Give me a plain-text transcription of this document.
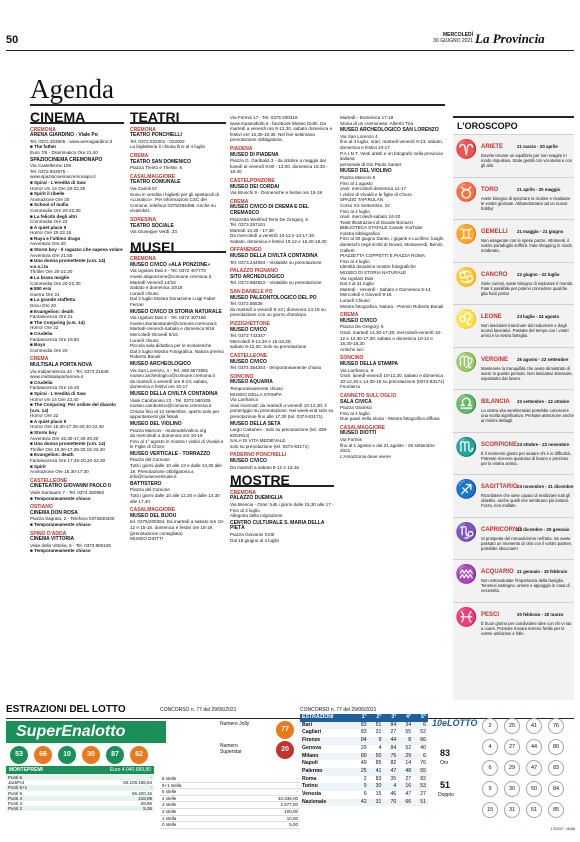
50	MERCOLEDÌ
30 GIUGNO 2021 La Provincia
Agenda
CINEMA
CREMONA
ARENA GIARDINO - Viale Po
Tel. 0372.453505 - www.arenagiardino.it
■ The father
Euro 7/6 - Drammatico Ore 21,40
SPAZIOCINEMA CREMONAPO
Via Castelleone 108
Tel. 0372.803675 - www.spaziocinemacremonapo.it
■ Spiral - L'eredità di Saw
Horror vm 14 Ore 20-22,35
■ Spirit il ribelle
Animazione Ore 20
■ School of mafia
Commedia Ore 20-22,30
■ La felicità degli altri
Commedia Ore 22
■ A quiet place II
Horror Ore 20-22,15
■ Raya e l'ultimo drago
Avventura Ore 20
■ Storm boy - Il ragazzo che sapeva volare
Avventura Ore 21,50
■ Una donna promettente (v.m. 14) v.o.s.i.ta
Thriller Ore 20-22,30
■ La brava moglie
Commedia Ore 20-22,30
■ 800 eroi
Guerra Ore 21
■ La grande staffetta
Docu Ore 20
■ Evangelion: death
Fantascienza Ore 21
■ The Conjuring (v.m. 14)
Horror Ore 22
■ Crudelia
Fantascienza Ore 19,50
■ Boys
Commedia Ore 20
CREMA
MULTISALA PORTA NOVA
Via Indipendenza 44 - Tel. 0373.21849
www.multisalaportanova.it
■ Crudelia
Fantascienza Ore 15-20
■ Spiral - L'eredità di Saw
Horror vm 14 Ore 22,40
■ The Conjuring: Per ordine del diavolo (v.m. 14)
Horror Ore 22
■ A quiet place II
Horror Ore 15,30-17,35-20,40-22,40
■ Storm boy
Avventura Ore 15,30-17,40-20,20
■ Una donna promettente (v.m. 14)
Thriller Ore 15,30-17,35-20,15-22,40
■ Evangelion: death
Fantascienza Ore 17,45-20,20-22,30
■ Spirit
Animazione Ore 15,30-17,30
CASTELLEONE
CINETEATRO GIOVANNI PAOLO II
Viale Santuario 7 - Tel. 0374.350882
■ Temporaneamente chiuso
OSTIANO
CINEMA DON ROSA
Piazza Sagrato, 2 - Telefono 0372840405
■ Temporaneamente chiuso
SPINO D'ADDA
CINEMA VITTORIA
Viale della Vittoria, 6 - Tel. 0373.980106
■ Temporaneamente chiuso
TEATRI
CREMONA
TEATRO PONCHIELLI
Tel. 0372.022001 - 022002
La biglietteria è chiusa fino al 4 luglio
CREMA
TEATRO SAN DOMENICO
Piazza Trento e Trieste, 6
CASALMAGGIORE
TEATRO COMUNALE
Via Cairoli 57
Sono in vendita i biglietti per gli spettacoli di «Lunatico». Per informazioni CSC del Comune, telefono 0375/284496. Anche su vivaticket.
SORESINA
TEATRO SOCIALE
Via Giuseppe Verdi, 23
MUSEI
CREMONA
MUSEO CIVICO «ALA PONZONE»
Via Ugolani Dati 4 - Tel. 0372 407770
musei.alaponzone@comune.cremona.it
Martedì-Venerdì 14/18
Sabato e domenica 10/18
Lunedì chiuso
Dal 3 luglio Mostra Donazione Luigi Faber Ferrari
MUSEO CIVICO DI STORIA NATURALE
Via Ugolani Dati 4 - Tel. 0372 407168
museo.storianaturale@comune.cremona.it
Martedì-Venerdì-Sabato e domenica 9/16
Mercoledì-Giovedì 9/16
Lunedì chiuso
Piccola sala didattica per le scolaresche
Dal 3 luglio Mostra Fotografica. Natura premio Roberto Bonali
MUSEO ARCHEOLOGICO
Via San Lorenzo, 4 - Tel. 366 6673881
museo.archeologico@comune.cremona.it
da martedì a venerdì ore 9-13; sabato, domenica e festivi ore 10-17
MUSEO DELLA CIVILTÀ CONTADINA
Viale Cambonino 22 - Tel. 0372 560105
museo.cambonino@comune.cremona.it
Chiuso fino al 12 settembre, aperto solo per appuntamenti già fissati
MUSEO DEL VIOLINO
Piazza Marconi - museodelviolino.org
da mercoledì a domenica ore 10-18
Fino al 1° agosto in mostra I violini di Vivaldi e le Figlie di Choro
MUSEO VERTICALE - TORRAZZO
Piazza del Comune
Tutti i giorni dalle 10 alle 13 e dalle 14,30 alle 18. Prenotazione obbligatoria a info@museoverticale.it
BATTISTERO
Piazza del Comune
Tutti i giorni dalle 10 alle 12,30 e dalle 14,30 alle 17,40
CASALMAGGIORE
MUSEO DEL BIJOU
tel. 0375/200364. Da martedì a sabato ore 10-12 e 15-18, domenica e festivi ore 15-19 (prenotazione consigliata)
MUSEO DIOTTI
Via Formis 17 - Tel. 0375 200416
www.museodiotti.it - facebook Museo Diotti. Da martedì a venerdì ore 8-12,30, sabato domenica e festivi ore 15,30-18,30. Nel fine settimana prenotazione obbligatoria.
PIADENA
MUSEO DI PIADENA
Piazza G. Garibaldi 3 - da ottobre a maggio dal lunedì al venerdì 9.00 - 13.00, domenica 15.30 - 18.30
CASTELPONZONE
MUSEO DEI CORDAI
Via Bruschi 9 - Domeniche e festivi ore 15-19
CREMA
MUSEO CIVICO DI CREMA E DEL CREMASCO
Piazzetta Winifred Terni De Gregory, 5
Tel. 0373.257161
Martedì 14,30 - 17,30
Da mercoledì a venerdì 10-12 e 14-17,30
Sabato, domenica e festivi 10-12 e 15,30-18,30
OFFANENGO
MUSEO DELLA CIVILTÀ CONTADINA
Tel. 0373.244084 - Visitabile su prenotazione
PALAZZO PIGNANO
SITO ARCHEOLOGICO
Tel. 0373.982922 - Visitabile su prenotazione
SAN DANIELE PO
MUSEO PALEONTOLOGICO DEL PO
Tel. 0372.65536
da martedì a venerdì 8-13 | domenica 14-19 su prenotazione con un giorno d'anticipo
PIZZIGHETTONE
MUSEO CIVICO
Tel. 0372 743347
Mercoledì 9-12,30 e 15-18,30;
sabato 9-12,30. Solo su prenotazione
CASTELLEONE
MUSEO CIVICO
Tel. 0374 354344 - temporaneamente chiuso
SONCINO
MUSEO AQUARIA
Temporaneamente chiuso
MUSEO DELLA STAMPA
Via Lanfranco
orari invernali: da martedì a venerdì 10-12,30; il pomeriggio su prenotazione. Nei week-end solo su prenotazione fino alle 17,30 (tel. 0374-83171)
MUSEO DELLA SETA
Largo Cattaneo - solo su prenotazione (tel. 338-8254912)
SALA DI VITA MEDIEVALE
solo su prenotazione (tel. 0374-83171)
PADERNO PONCHIELLI
MUSEO CIVICO
Da martedì a sabato 9-12 e 13-16
MOSTRE
CREMONA
PALAZZO DUEMIGLIA
Via Brescia - Orari: tutti i giorni dalle 15,30 alle 17 - Fino al 3 luglio
Allegoria della migrazione
CENTRO CULTURALE S. MARIA DELLA PIETÀ
Piazza Giovanni XXIII
Dal 18 giugno al 4 luglio
Martedì - Domenica 17-19
Storia di un cremonese: Alberto Tira
MUSEO ARCHEOLOGICO SAN LORENZO
Via San Lorenzo 4
fino al 4 luglio, orari: martedì-venerdì 9-13, sabato, domenica e festivi 10-17
P.A.I.N.T. Venti artisti e un fotografo nella provincia italiana
personale di Gio Paolo Santer
MUSEO DEL VIOLINO
Piazza Marconi 5
Fino al 1 agosto
orari: mercoledì-domenica 11-17
I violini di Vivaldi e le figlie di Choro
SPAZIO TAPIRULAN
Corso XX Settembre, 22
Fino al 4 luglio
orari: mercoledì-sabato 16-20
Twist Illustrazioni di Davide Bonazzi
BIBLIOTECA STATALE Canale YouTube
mostra bibliografica
Fino al 30 giugno Dante, i giganti e Lucifero: luoghi danteschi negli scritti di Novati, Monteverdi, Benini, Gallerti
PIAZZETTA COPPETTI E PIAZZA ROMA
Fino al 4 luglio
Identità donatrice mostre fotografiche
MUSEO DI STORIA NATURALE
Via Ugolani Dati
Dal 3 al 31 luglio
Martedì - Venerdì - Sabato e Domenica 9-14
Mercoledì e Giovedì 9-16
Lunedì Chiuso
Mostra fotografica: Natura - Premio Roberto Bonali
CREMA
MUSEO CIVICO
Piazza De Gregory, 5
Orari: martedì 14,30-17,30; mercoledì-venerdì 10-12 e 14,30-17,30; sabato e domenica 10-12 e 15,30-18,30
Antiche luci
SONCINO
MUSEO DELLA STAMPA
Via Lanfranco, 6
Orari: lunedì-venerdì 10-12,30, sabato e domenica 10-12,30 e 14,30-18 su prenotazione (0374-83171)
Fuoriterra
CANNETO SULL'OGLIO
SALA CIVICA
Piazza Gramsci
Fino al 4 luglio
Due passi nella storia - Mostra fotografica diffusa
CASALMAGGIORE
MUSEO DIOTTI
Via Formis
fino al 1 agosto e dal 21 agosto - 26 settembre 2021
L'Amazzonia deve vivere
L'OROSCOPO
♈ ARIETE	21 marzo - 20 aprile
Dovete trovare un equilibrio per non svagire in modo impulsivo. State gentili con voi stessi e con gli altri.
♉ TORO	21 aprile - 20 maggio
Avete bisogno di spezzare la routine e rivalutare le vostre giornate. Abbandonatevi ad un nuovo hobby!
♊ GEMELLI 21 maggio - 21 giugno
Non esagerate con le spese pazze. Altrimenti, il vostro portafoglio soffrirà. Fate shopping in modo moderato.
♋ CANCRO 22 giugno - 22 luglio
Siete curiosi, avete bisogno di esplorare il mondo. Fate il possibile per potervi concedere qualche gita fuori porta!
♌ LEONE	23 luglio - 24 agosto
Non lasciatevi trascinare dal malumore e dagli scossi lavorativi. Passate del tempo con i vostri amici e la vostra famiglia.
♍ VERGINE 25 agosto - 22 settembre
Mantenete la tranquillità che avete dimostrato di avere in questo periodo. Non lasciatevi stressare, soprattutto dal lavoro.
♎ BILANCIA 23 settembre - 22 ottobre
La vostra vita sentimentale potrebbe conoscere una svolta significativa. Prestate attenzione anche ai minimi dettagli.
♏ SCORPIONE23 ottobre - 22 novembre
È il momento giusto per aiutare chi è in difficoltà. Potreste ricevere qualcosa di buono e prezioso per la vostra anima.
♐ SAGITTARIO23 novembre - 21 dicembre
Ricordatevi che siete capaci di realizzare tutti gli obiettivi, anche quelli che sembrano più lontani. Forza, non mollate.
♑ CAPRICORNO22 dicembre - 20 gennaio
Si prospetta del romanticismo nell'aria. Se avete passato un momento di crisi con il vostro partner, potrebbe sbocciare!
♒ ACQUARIO 21 gennaio - 19 febbraio
Non sottovalutate l'importanza della famiglia. Tenetevi sostegno, amore e appoggio in casa di necessità.
♓ PESCI	20 febbraio - 20 marzo
È buon giorno per condividere idee con chi vi sta a cuore. Potreste trovare terreno fertile per le vostre ambizioni e folle.
ESTRAZIONI DEL LOTTO	CONCORSO n. 77 del 29/06/2021	CONCORSO n. 77 del 29/06/2021
SuperEnalotto
53	66	10	30	87	62
Numero Jolly
77
Numero Superstar	20
MONTEPREMI	Euro 4.040.689,80
Punti 6	-
JackPot	50.109.188,84
Punti 5+1	-
Punti 5	56.420,16
Punti 4	418,09
Punti 3	28,96
Punti 2	5,36
6 stelle	-
5+1 stella	-
5 stelle	-
4 stelle	40.336,00
3 stelle	2.877,00
2 stelle	100,00
1 stella	10,00
0 stelle	5,00
ESTRAZIONI	1°	2°	3°	4°	5°
Bari	83	51	84	34	6
Cagliari	83	31	27	55	52
Firenze	84	9	44	8	66
Genova	29	4	84	52	40
Milano	80	50	76	29	6
Napoli	49	85	82	14	76
Palermo	25	41	47	48	55
Roma	2	83	35	27	82
Torino	9	30	4	16	53
Venezia	6	15	46	47	27
Nazionale	42	31	70	66	51
10eLOTTO
83
Oro
51
Doppio
2	25	41	76
4	27	44	80
6	29	47	83
9	30	50	84
15	31	51	85
L'EGO - HUB
